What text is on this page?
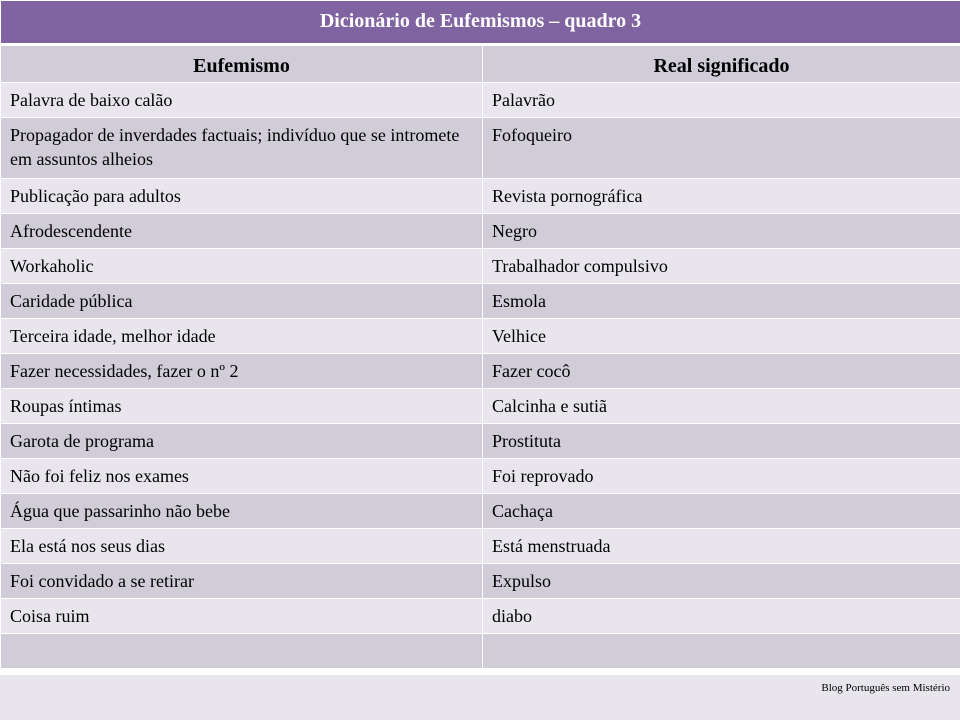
Dicionário de Eufemismos – quadro 3	
Eufemismo	Real significado
Palavra de baixo calão	Palavrão
Propagador de inverdades factuais; indivíduo que se intromete em assuntos alheios	Fofoqueiro
Publicação para adultos	Revista pornográfica
Afrodescendente	Negro
Workaholic	Trabalhador compulsivo
Caridade pública	Esmola
Terceira idade, melhor idade	Velhice
Fazer necessidades, fazer o nº 2	Fazer cocô
Roupas íntimas	Calcinha e sutiã
Garota de programa	Prostituta
Não foi feliz nos exames	Foi reprovado
Água que passarinho não bebe	Cachaça
Ela está nos seus dias	Está menstruada
Foi convidado a se retirar	Expulso
Coisa ruim	diabo

Blog Português sem Mistério
